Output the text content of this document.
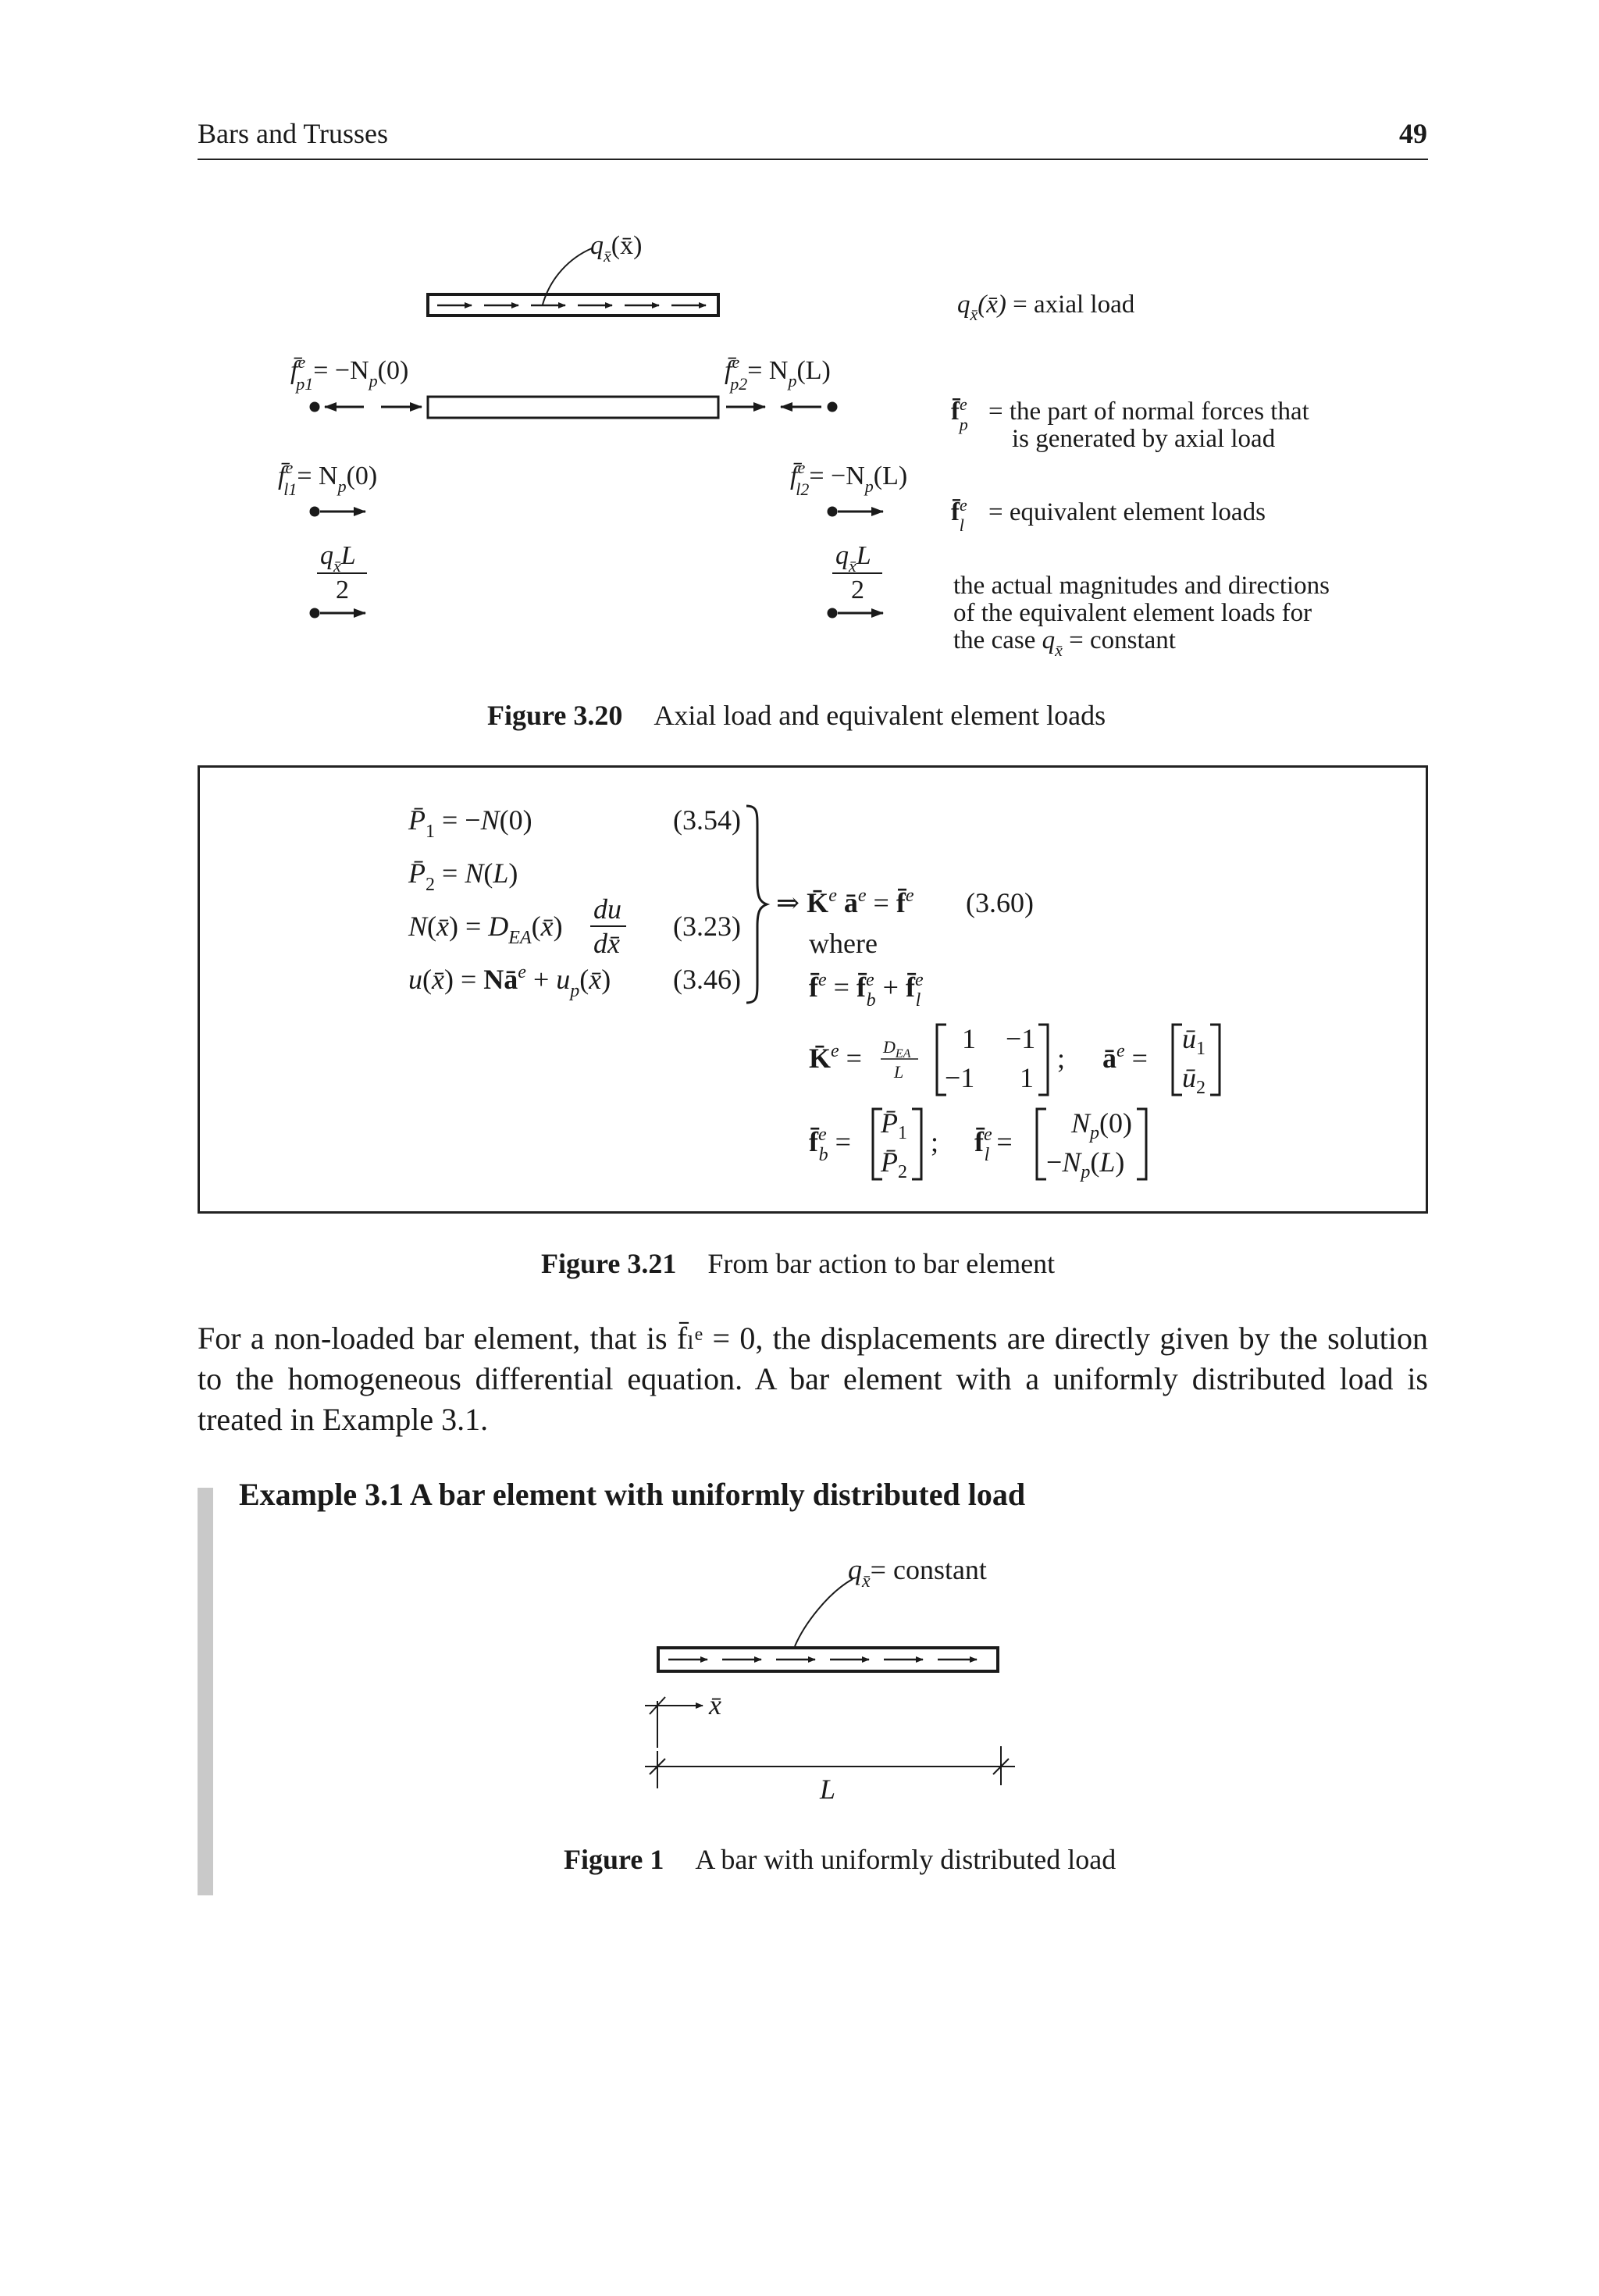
Bars and Trusses	49
$q_{x̄}(x̄)$
f̄$^e$ $p1= -N_p(0)$	f̄$^e$ $p2= N_p(L)$
f̄$^e$ $l1= N_p(0)$	f̄$^e$ $l2= -N_p(L)$
$q_{x̄}L$
2
$q_{x̄}L$
2
$q_{x̄}(x̄)$ = axial load
f̄$^e$ p = the part of normal forces that
is generated by axial load
f̄$^e$ l = equivalent element loads
the actual magnitudes and directions
of the equivalent element loads for
the case $q_{x̄}$ = constant
Figure 3.20 Axial load and equivalent element loads
$P̄_1 = -N(0)$	(3.54)
$P̄_2 = N(L)$
N(x̄) = $D_{EA}(x̄)$
du
dx̄
(3.23)
u(x̄) = $Nā^e$ + $u_p(x̄)$ (3.46)
⇒ K̄$^e$ $ā^e$ = f̄$^e$ (3.60)
where
f̄$^e$ = f̄$^e$ b + f̄$^e$ l
K̄$^e$ = $D_{EA}$
L
1 −1
−1 1
; $ā^e$ =
$ū_1$
$ū_2$
f̄$^e$ b =
$P̄_1$
$P̄_2$
; f̄$^e$ l =
$N_p(0)$
$-N_p(L)$
Figure 3.21 From bar action to bar element
For a non-loaded bar element, that is f̄ₗᵉ = 0, the displacements are directly given by the solution to the homogeneous differential equation. A bar element with a uniformly distributed load is treated in Example 3.1.
Example 3.1 A bar element with uniformly distributed load
$q_{x̄}=$ constant
x̄
L
Figure 1 A bar with uniformly distributed load
